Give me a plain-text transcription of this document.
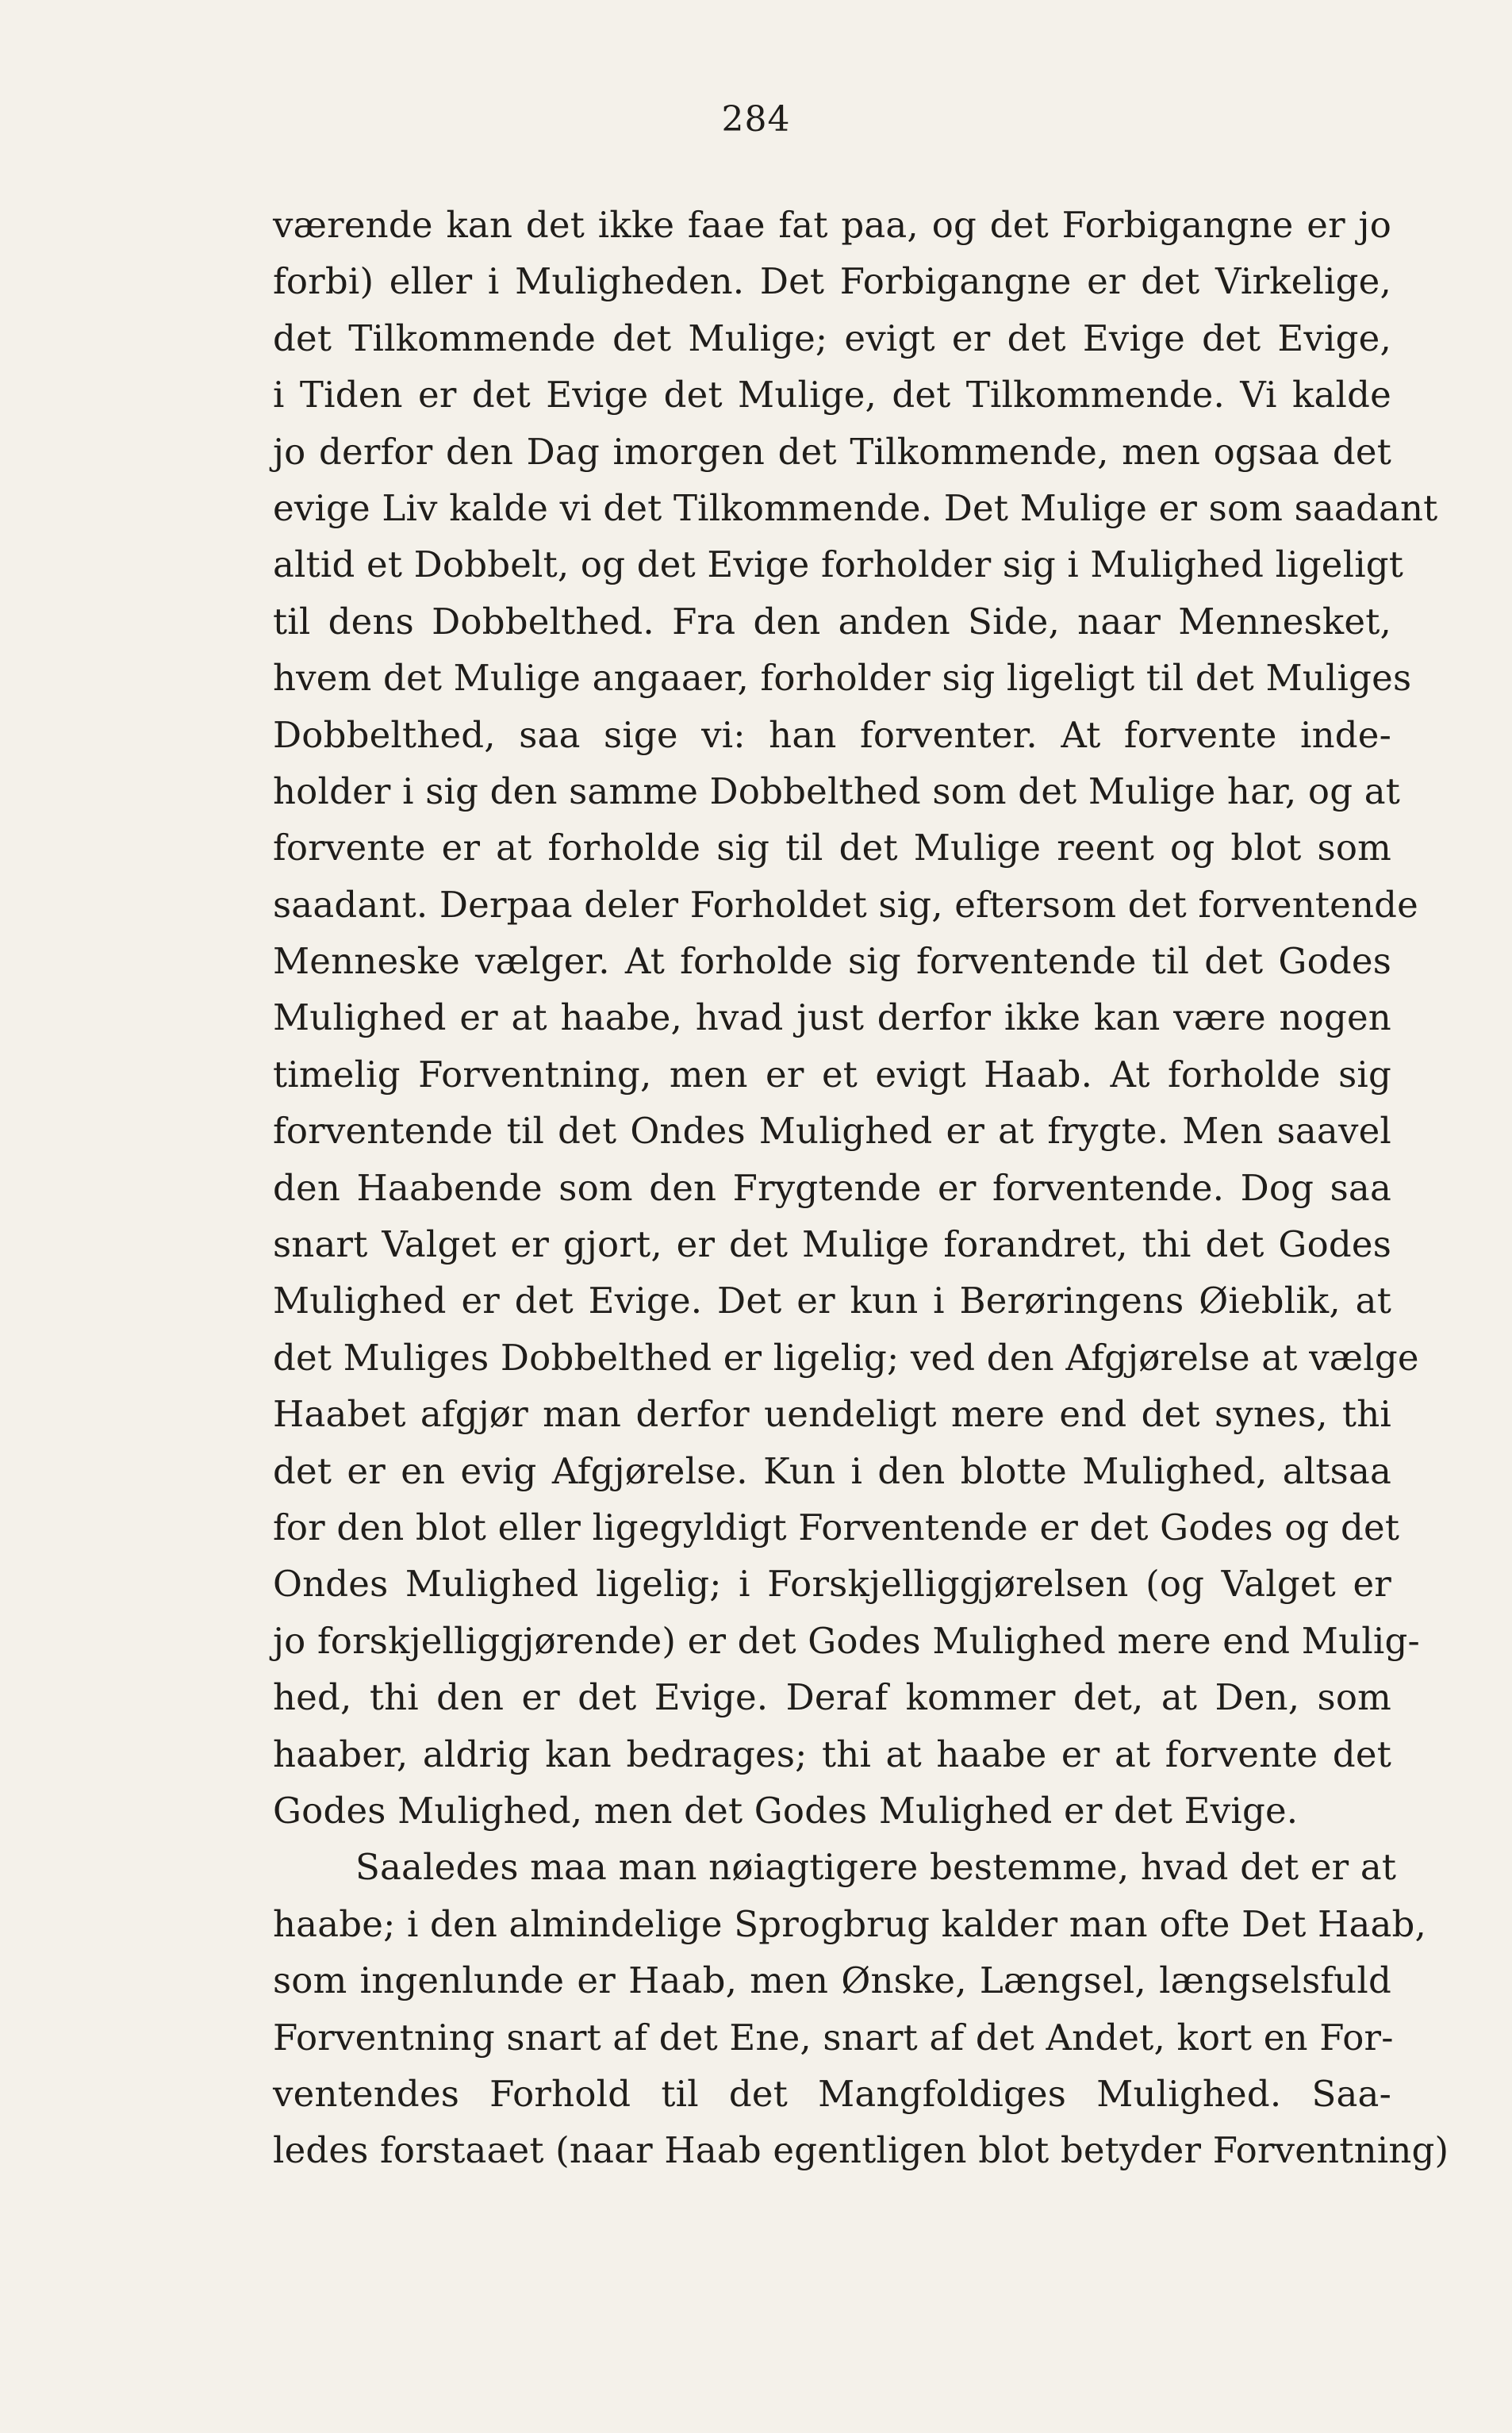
284
værende kan det ikke faae fat paa, og det Forbigangne er jo
forbi) eller i Muligheden. Det Forbigangne er det Virkelige,
det Tilkommende det Mulige; evigt er det Evige det Evige,
i Tiden er det Evige det Mulige, det Tilkommende. Vi kalde
jo derfor den Dag imorgen det Tilkommende, men ogsaa det
evige Liv kalde vi det Tilkommende. Det Mulige er som saadant
altid et Dobbelt, og det Evige forholder sig i Mulighed ligeligt
til dens Dobbelthed. Fra den anden Side, naar Mennesket,
hvem det Mulige angaaer, forholder sig ligeligt til det Muliges
Dobbelthed, saa sige vi: han forventer. At forvente inde-
holder i sig den samme Dobbelthed som det Mulige har, og at
forvente er at forholde sig til det Mulige reent og blot som
saadant. Derpaa deler Forholdet sig, eftersom det forventende
Menneske vælger. At forholde sig forventende til det Godes
Mulighed er at haabe, hvad just derfor ikke kan være nogen
timelig Forventning, men er et evigt Haab. At forholde sig
forventende til det Ondes Mulighed er at frygte. Men saavel
den Haabende som den Frygtende er forventende. Dog saa
snart Valget er gjort, er det Mulige forandret, thi det Godes
Mulighed er det Evige. Det er kun i Berøringens Øieblik, at
det Muliges Dobbelthed er ligelig; ved den Afgjørelse at vælge
Haabet afgjør man derfor uendeligt mere end det synes, thi
det er en evig Afgjørelse. Kun i den blotte Mulighed, altsaa
for den blot eller ligegyldigt Forventende er det Godes og det
Ondes Mulighed ligelig; i Forskjelliggjørelsen (og Valget er
jo forskjelliggjørende) er det Godes Mulighed mere end Mulig-
hed, thi den er det Evige. Deraf kommer det, at Den, som
haaber, aldrig kan bedrages; thi at haabe er at forvente det
Godes Mulighed, men det Godes Mulighed er det Evige.
Saaledes maa man nøiagtigere bestemme, hvad det er at
haabe; i den almindelige Sprogbrug kalder man ofte Det Haab,
som ingenlunde er Haab, men Ønske, Længsel, længselsfuld
Forventning snart af det Ene, snart af det Andet, kort en For-
ventendes Forhold til det Mangfoldiges Mulighed. Saa-
ledes forstaaet (naar Haab egentligen blot betyder Forventning)
